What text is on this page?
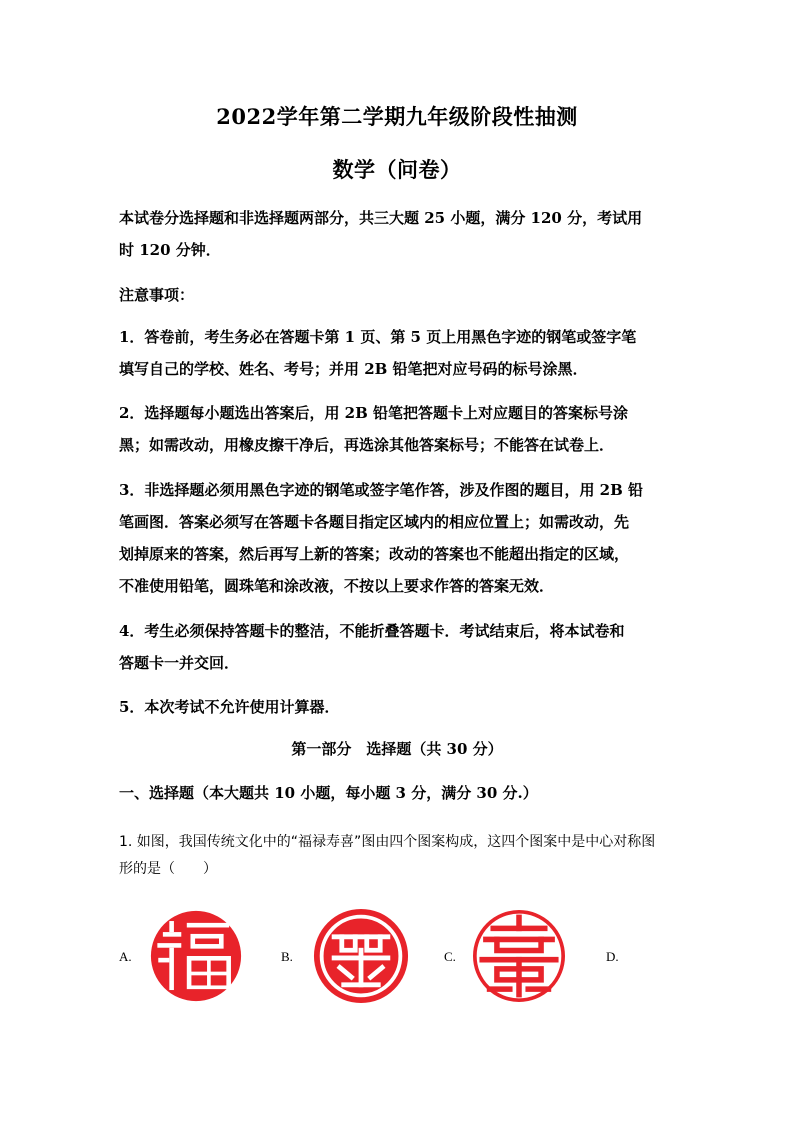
2022学年第二学期九年级阶段性抽测
数学（问卷）
本试卷分选择题和非选择题两部分，共三大题 25 小题，满分 120 分，考试用
时 120 分钟．
注意事项：
1．答卷前，考生务必在答题卡第 1 页、第 5 页上用黑色字迹的钢笔或签字笔
填写自己的学校、姓名、考号；并用 2B 铅笔把对应号码的标号涂黑．
2．选择题每小题选出答案后，用 2B 铅笔把答题卡上对应题目的答案标号涂
黑；如需改动，用橡皮擦干净后，再选涂其他答案标号；不能答在试卷上．
3．非选择题必须用黑色字迹的钢笔或签字笔作答，涉及作图的题目，用 2B 铅
笔画图．答案必须写在答题卡各题目指定区域内的相应位置上；如需改动，先
划掉原来的答案，然后再写上新的答案；改动的答案也不能超出指定的区域，
不准使用铅笔，圆珠笔和涂改液，不按以上要求作答的答案无效．
4．考生必须保持答题卡的整洁，不能折叠答题卡．考试结束后，将本试卷和
答题卡一并交回．
5．本次考试不允许使用计算器．
第一部分　选择题（共 30 分）
一、选择题（本大题共 10 小题，每小题 3 分，满分 30 分.）
1. 如图，我国传统文化中的“福禄寿喜”图由四个图案构成，这四个图案中是中心对称图
形的是（　　）
A.	B.	C.	D.
